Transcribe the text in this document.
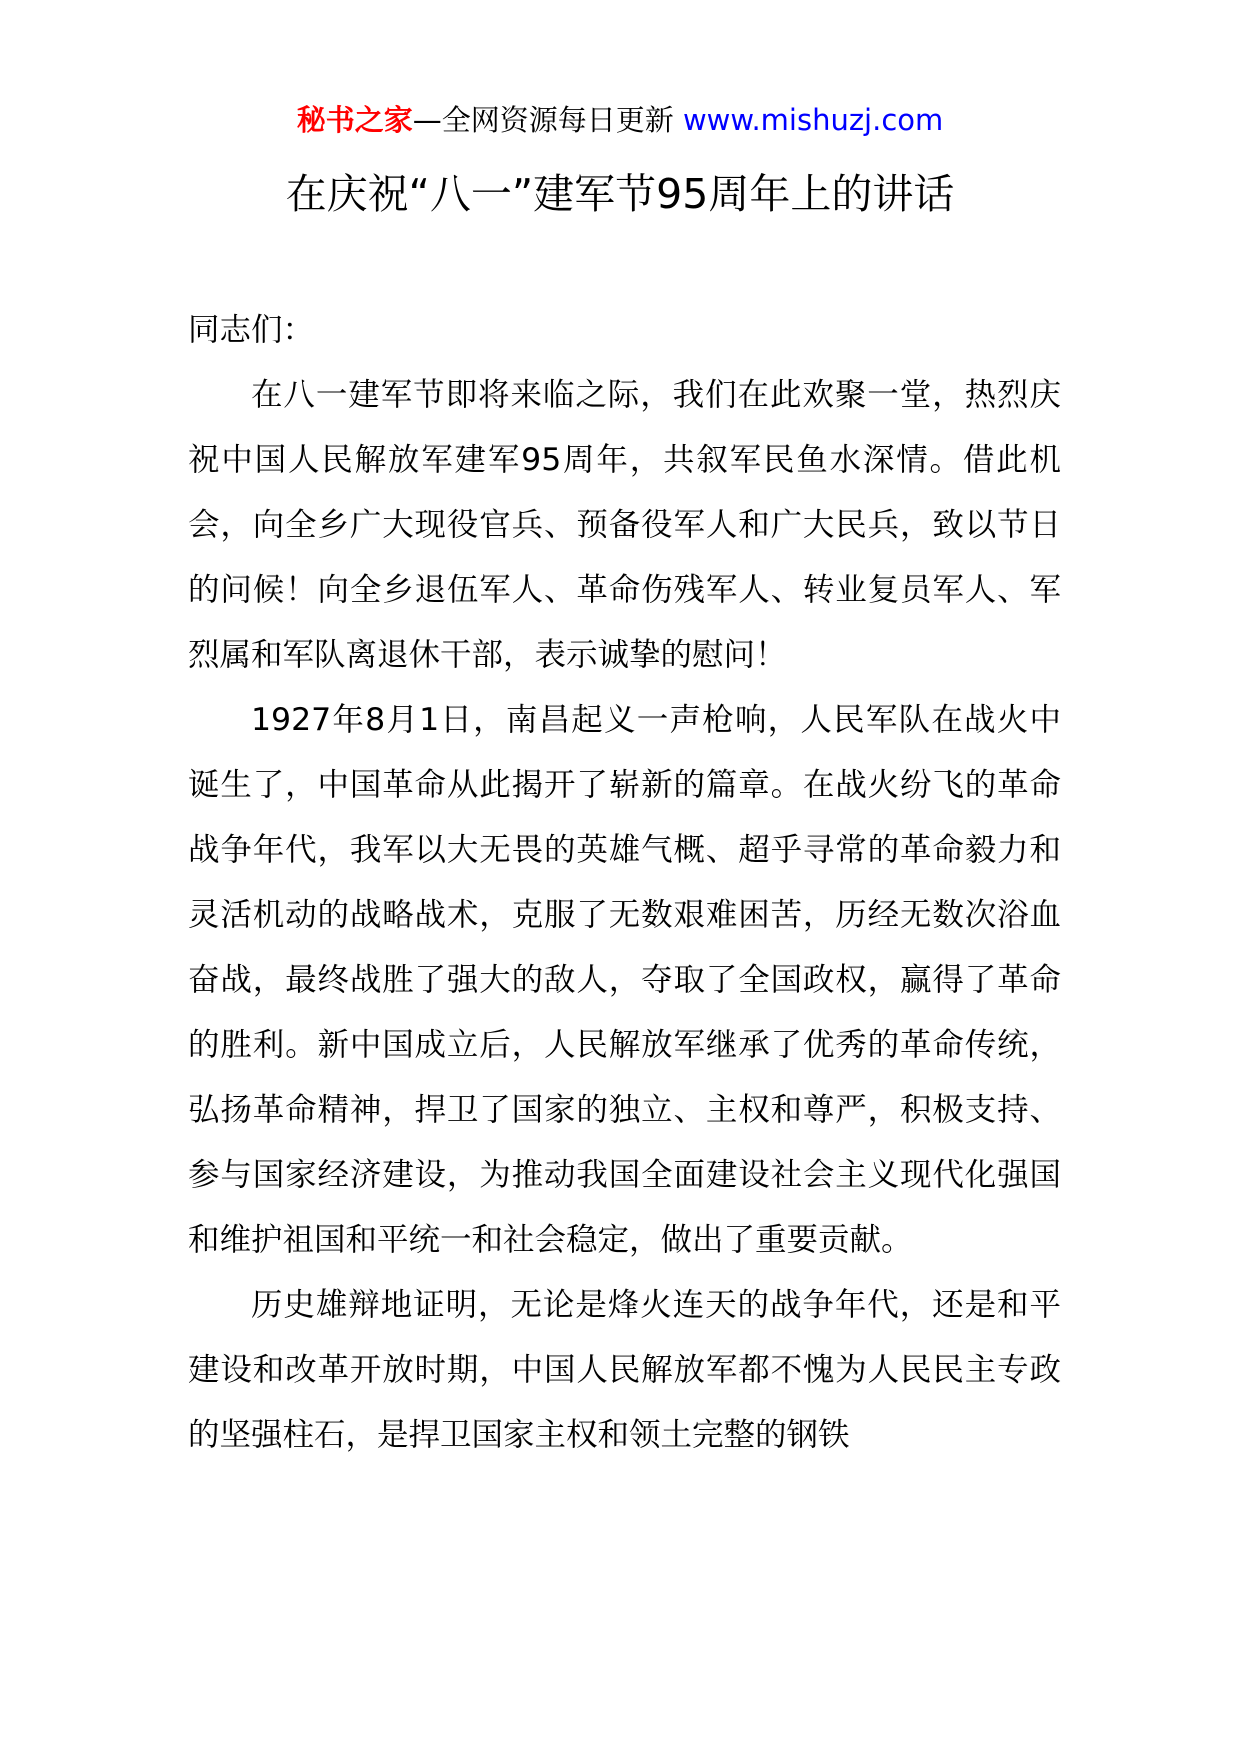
秘书之家—全网资源每日更新 www.mishuzj.com
在庆祝“八一”建军节95周年上的讲话

同志们：

在八一建军节即将来临之际，我们在此欢聚一堂，热烈庆祝中国人民解放军建军95周年，共叙军民鱼水深情。借此机会，向全乡广大现役官兵、预备役军人和广大民兵，致以节日的问候！向全乡退伍军人、革命伤残军人、转业复员军人、军烈属和军队离退休干部，表示诚挚的慰问！

1927年8月1日，南昌起义一声枪响，人民军队在战火中诞生了，中国革命从此揭开了崭新的篇章。在战火纷飞的革命战争年代，我军以大无畏的英雄气概、超乎寻常的革命毅力和灵活机动的战略战术，克服了无数艰难困苦，历经无数次浴血奋战，最终战胜了强大的敌人，夺取了全国政权，赢得了革命的胜利。新中国成立后，人民解放军继承了优秀的革命传统，弘扬革命精神，捍卫了国家的独立、主权和尊严，积极支持、参与国家经济建设，为推动我国全面建设社会主义现代化强国和维护祖国和平统一和社会稳定，做出了重要贡献。

历史雄辩地证明，无论是烽火连天的战争年代，还是和平建设和改革开放时期，中国人民解放军都不愧为人民民主专政的坚强柱石，是捍卫国家主权和领土完整的钢铁
